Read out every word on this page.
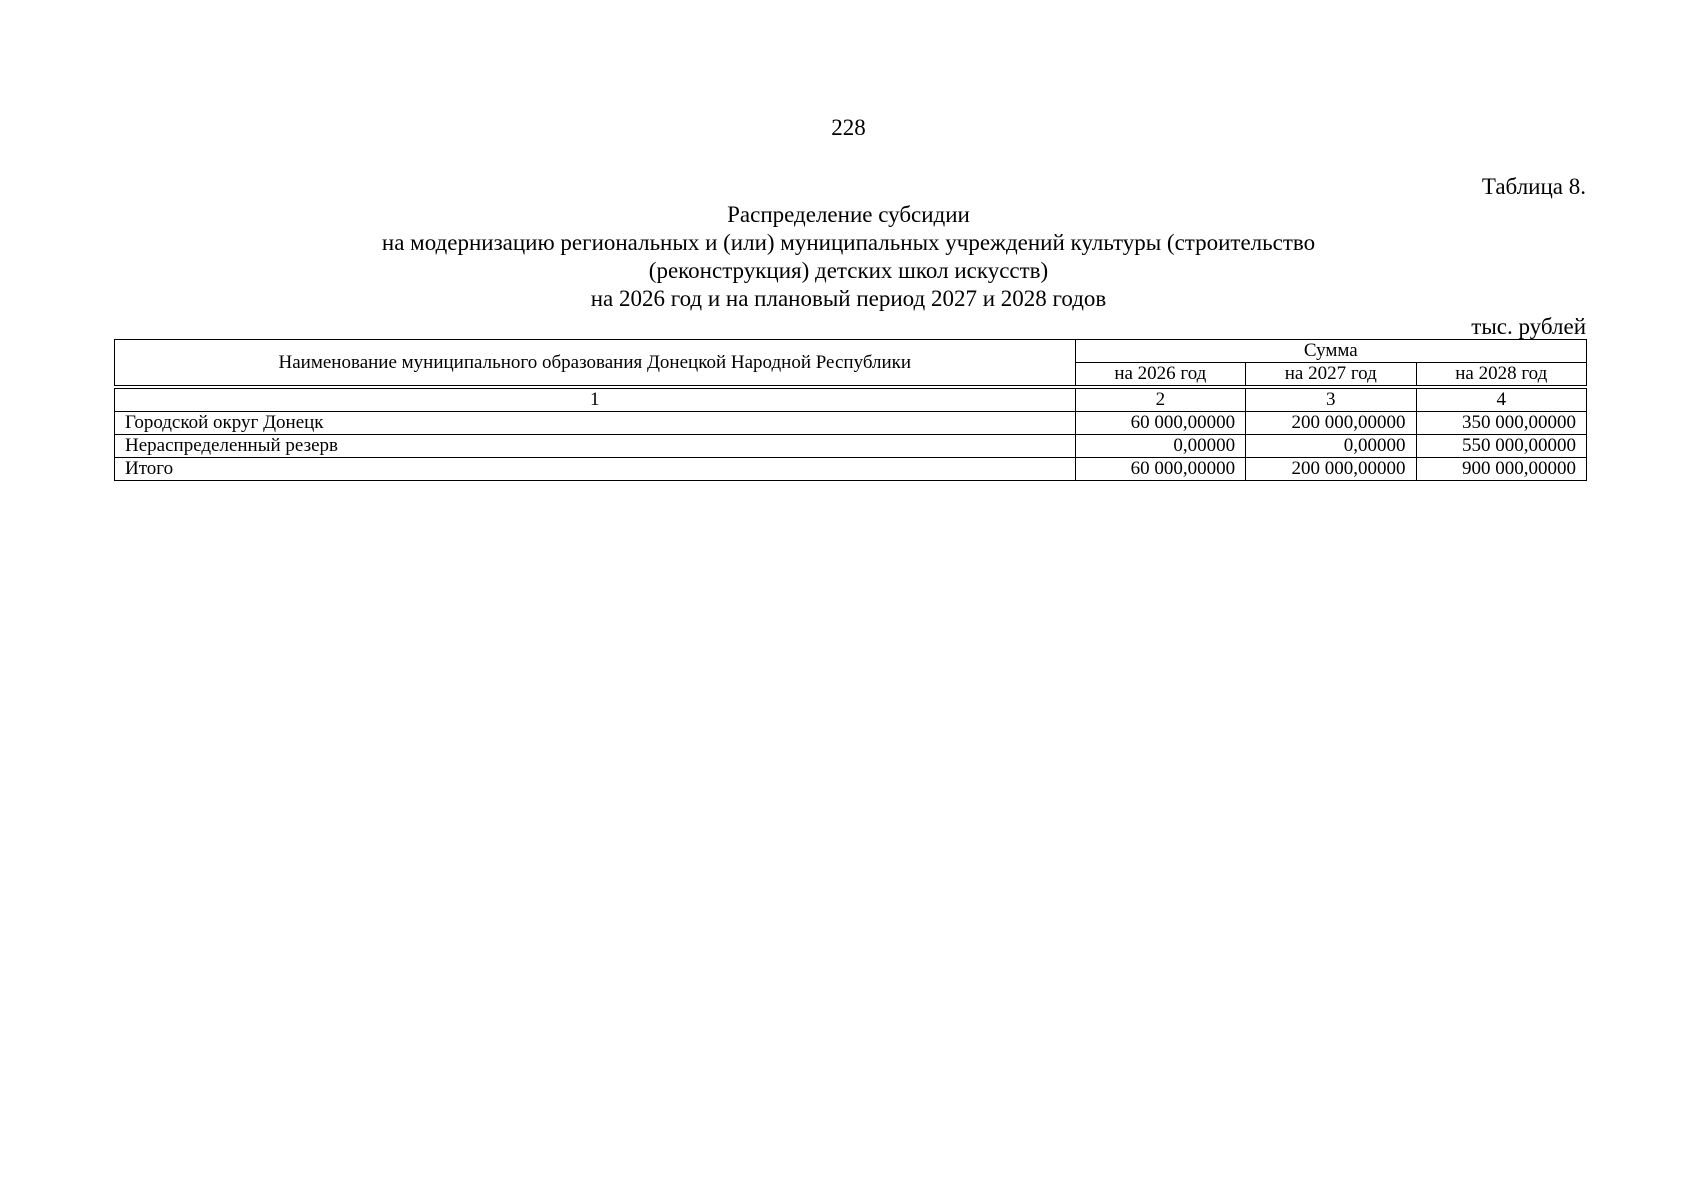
228
Таблица 8.
Распределение субсидии
на модернизацию региональных и (или) муниципальных учреждений культуры (строительство
(реконструкция) детских школ искусств)
на 2026 год и на плановый период 2027 и 2028 годов
тыс. рублей
Наименование муниципального образования Донецкой Народной Республики	Сумма		
	на 2026 год	на 2027 год	на 2028 год

1	2	3	4
Городской округ Донецк	60 000,00000	200 000,00000	350 000,00000
Нераспределенный резерв	0,00000	0,00000	550 000,00000
Итого	60 000,00000	200 000,00000	900 000,00000
